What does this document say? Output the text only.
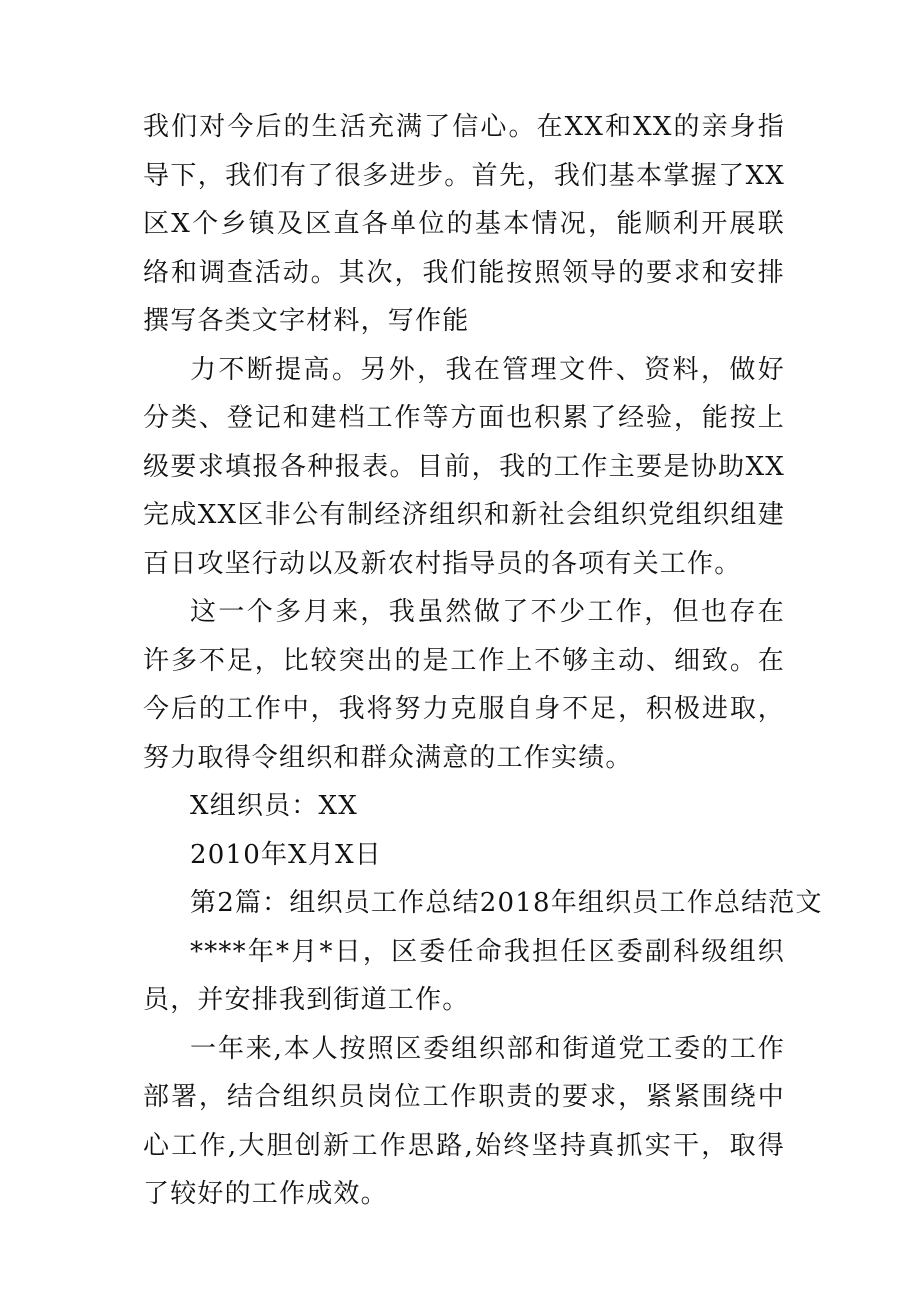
我们对今后的生活充满了信心。在XX和XX的亲身指导下，我们有了很多进步。首先，我们基本掌握了XX区X个乡镇及区直各单位的基本情况，能顺利开展联络和调查活动。其次，我们能按照领导的要求和安排撰写各类文字材料，写作能

力不断提高。另外，我在管理文件、资料，做好分类、登记和建档工作等方面也积累了经验，能按上级要求填报各种报表。目前，我的工作主要是协助XX完成XX区非公有制经济组织和新社会组织党组织组建百日攻坚行动以及新农村指导员的各项有关工作。

这一个多月来，我虽然做了不少工作，但也存在许多不足，比较突出的是工作上不够主动、细致。在今后的工作中，我将努力克服自身不足，积极进取，努力取得令组织和群众满意的工作实绩。

X组织员：XX

2010年X月X日

第2篇：组织员工作总结2018年组织员工作总结范文

****年*月*日，区委任命我担任区委副科级组织员，并安排我到街道工作。

一年来,本人按照区委组织部和街道党工委的工作部署，结合组织员岗位工作职责的要求，紧紧围绕中心工作,大胆创新工作思路,始终坚持真抓实干，取得了较好的工作成效。
